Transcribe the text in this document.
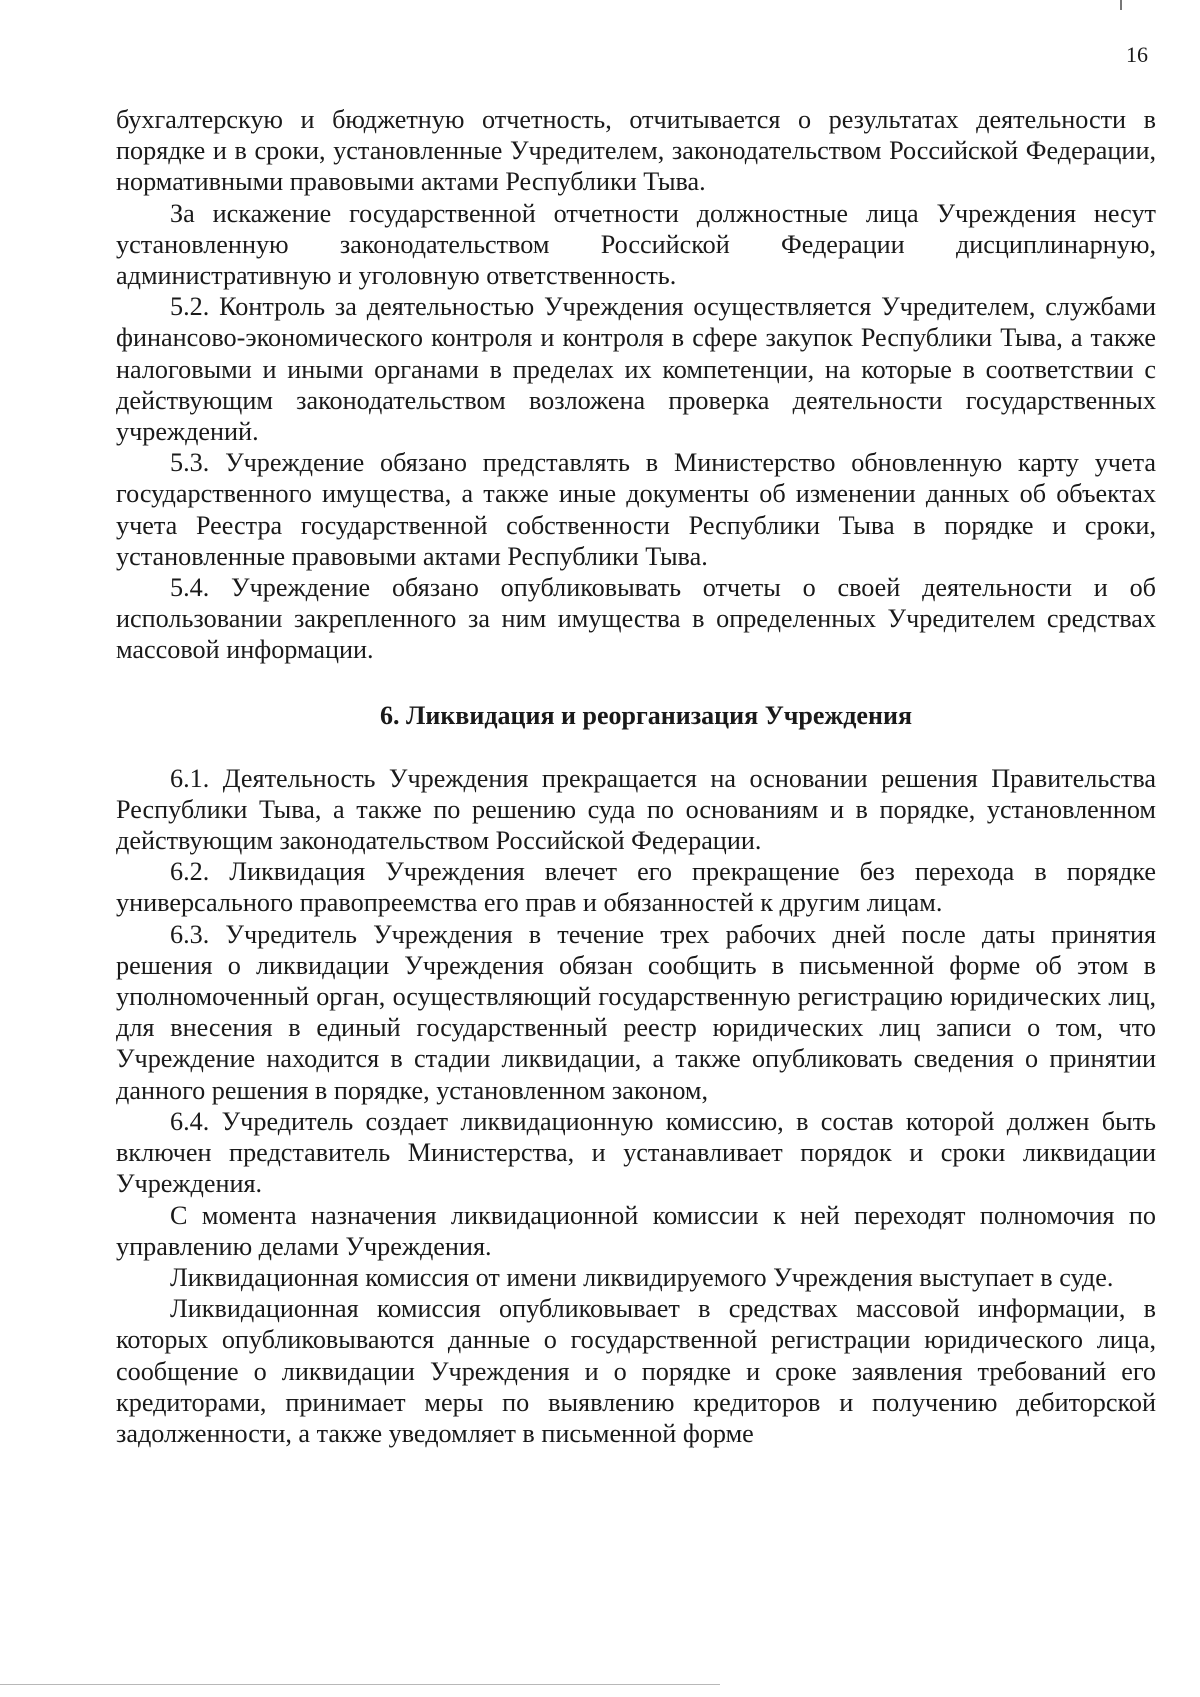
16

бухгалтерскую и бюджетную отчетность, отчитывается о результатах деятельности в порядке и в сроки, установленные Учредителем, законодательством Российской Федерации, нормативными правовыми актами Республики Тыва.

За искажение государственной отчетности должностные лица Учреждения несут установленную законодательством Российской Федерации дисциплинарную, административную и уголовную ответственность.

5.2. Контроль за деятельностью Учреждения осуществляется Учредителем, службами финансово-экономического контроля и контроля в сфере закупок Республики Тыва, а также налоговыми и иными органами в пределах их компетенции, на которые в соответствии с действующим законодательством возложена проверка деятельности государственных учреждений.

5.3. Учреждение обязано представлять в Министерство обновленную карту учета государственного имущества, а также иные документы об изменении данных об объектах учета Реестра государственной собственности Республики Тыва в порядке и сроки, установленные правовыми актами Республики Тыва.

5.4. Учреждение обязано опубликовывать отчеты о своей деятельности и об использовании закрепленного за ним имущества в определенных Учредителем средствах массовой информации.

6. Ликвидация и реорганизация Учреждения

6.1. Деятельность Учреждения прекращается на основании решения Правительства Республики Тыва, а также по решению суда по основаниям и в порядке, установленном действующим законодательством Российской Федерации.

6.2. Ликвидация Учреждения влечет его прекращение без перехода в порядке универсального правопреемства его прав и обязанностей к другим лицам.

6.3. Учредитель Учреждения в течение трех рабочих дней после даты принятия решения о ликвидации Учреждения обязан сообщить в письменной форме об этом в уполномоченный орган, осуществляющий государственную регистрацию юридических лиц, для внесения в единый государственный реестр юридических лиц записи о том, что Учреждение находится в стадии ликвидации, а также опубликовать сведения о принятии данного решения в порядке, установленном законом,

6.4. Учредитель создает ликвидационную комиссию, в состав которой должен быть включен представитель Министерства, и устанавливает порядок и сроки ликвидации Учреждения.

С момента назначения ликвидационной комиссии к ней переходят полномочия по управлению делами Учреждения.

Ликвидационная комиссия от имени ликвидируемого Учреждения выступает в суде.

Ликвидационная комиссия опубликовывает в средствах массовой информации, в которых опубликовываются данные о государственной регистрации юридического лица, сообщение о ликвидации Учреждения и о порядке и сроке заявления требований его кредиторами, принимает меры по выявлению кредиторов и получению дебиторской задолженности, а также уведомляет в письменной форме
